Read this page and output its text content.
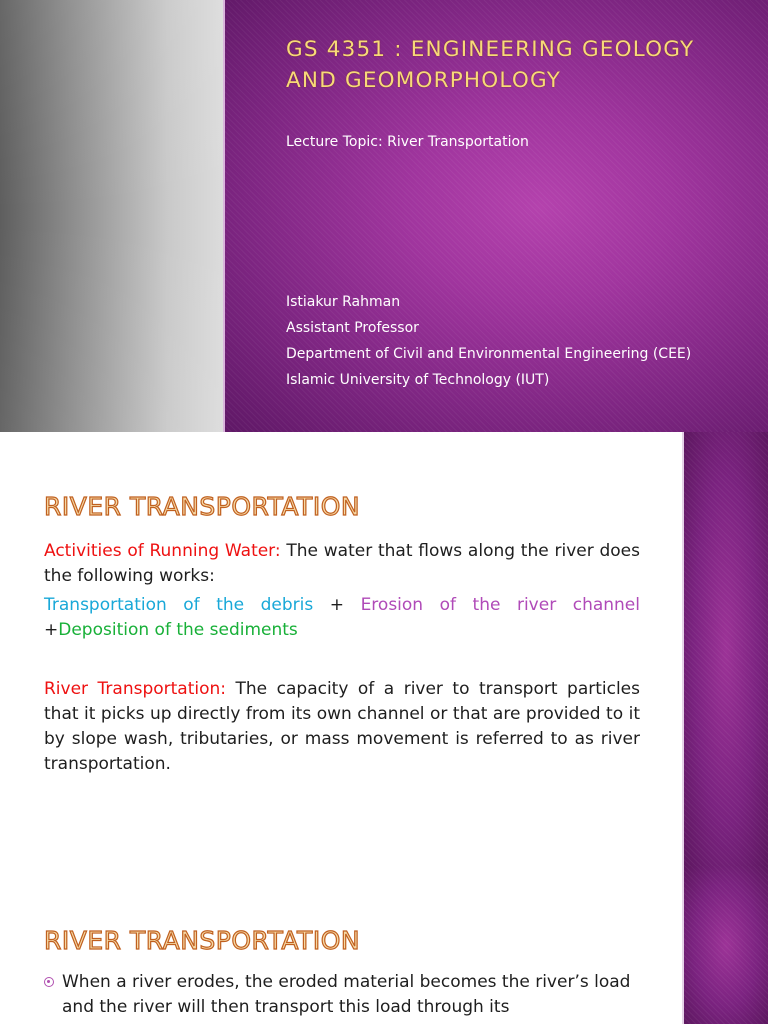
GS 4351 : ENGINEERING GEOLOGY AND GEOMORPHOLOGY
Lecture Topic: River Transportation
Istiakur Rahman
Assistant Professor
Department of Civil and Environmental Engineering (CEE)
Islamic University of Technology (IUT)
RIVER TRANSPORTATION

Activities of Running Water: The water that flows along the river does the following works:

Transportation of the debris + Erosion of the river channel +Deposition of the sediments

River Transportation: The capacity of a river to transport particles that it picks up directly from its own channel or that are provided to it by slope wash, tributaries, or mass movement is referred to as river transportation.

RIVER TRANSPORTATION
When a river erodes, the eroded material becomes the river’s load and the river will then transport this load through its
